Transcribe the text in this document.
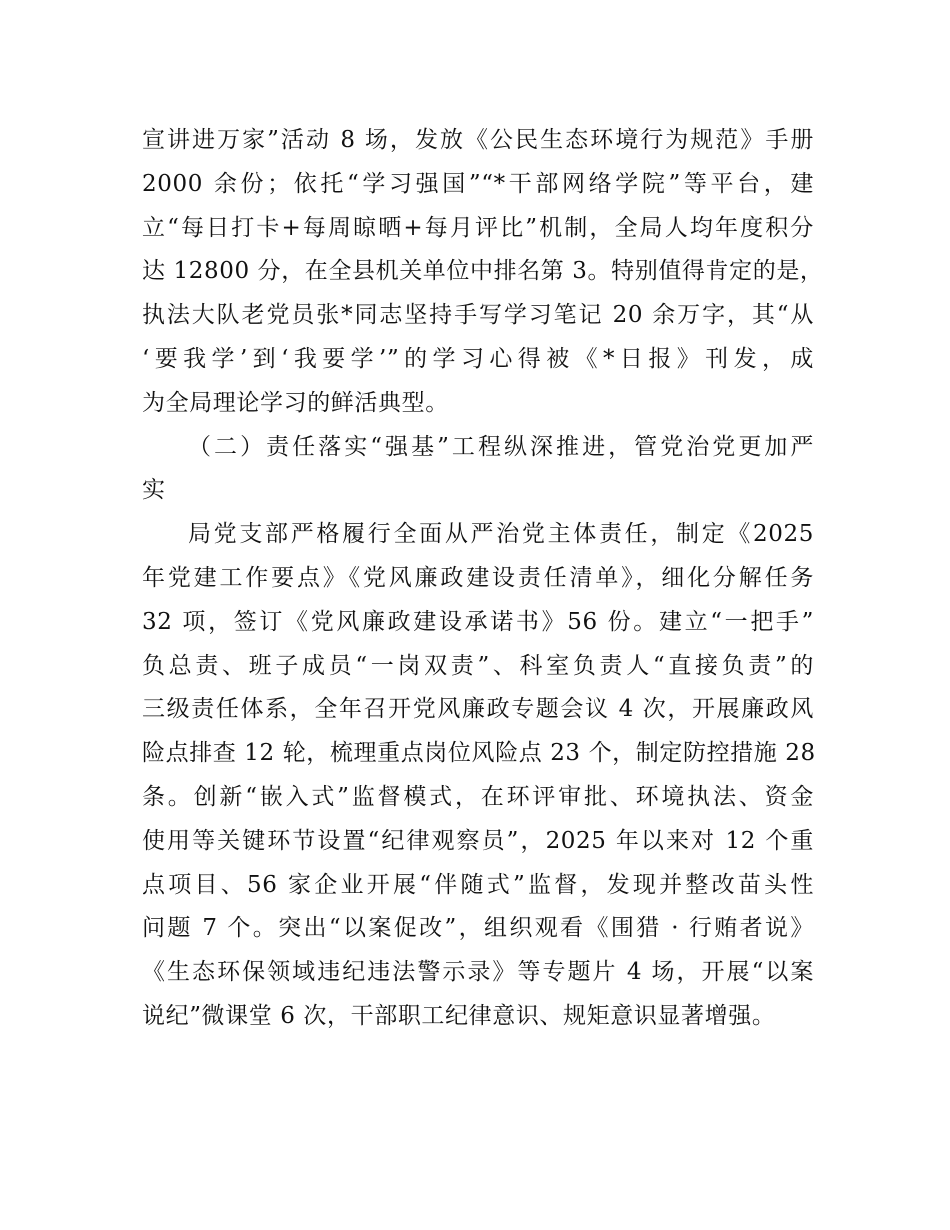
宣讲进万家”活动 8 场，发放《公民生态环境行为规范》手册
2000 余份；依托“学习强国”“*干部网络学院”等平台，建
立“每日打卡+每周晾晒+每月评比”机制，全局人均年度积分
达 12800 分，在全县机关单位中排名第 3。特别值得肯定的是，
执法大队老党员张*同志坚持手写学习笔记 20 余万字，其“从
‘要我学’到‘我要学’”的学习心得被《*日报》刊发，成
为全局理论学习的鲜活典型。
（二）责任落实“强基”工程纵深推进，管党治党更加严
实
局党支部严格履行全面从严治党主体责任，制定《2025
年党建工作要点》《党风廉政建设责任清单》，细化分解任务
32 项，签订《党风廉政建设承诺书》56 份。建立“一把手”
负总责、班子成员“一岗双责”、科室负责人“直接负责”的
三级责任体系，全年召开党风廉政专题会议 4 次，开展廉政风
险点排查 12 轮，梳理重点岗位风险点 23 个，制定防控措施 28
条。创新“嵌入式”监督模式，在环评审批、环境执法、资金
使用等关键环节设置“纪律观察员”，2025 年以来对 12 个重
点项目、56 家企业开展“伴随式”监督，发现并整改苗头性
问题 7 个。突出“以案促改”，组织观看《围猎 · 行贿者说》
《生态环保领域违纪违法警示录》等专题片 4 场，开展“以案
说纪”微课堂 6 次，干部职工纪律意识、规矩意识显著增强。
